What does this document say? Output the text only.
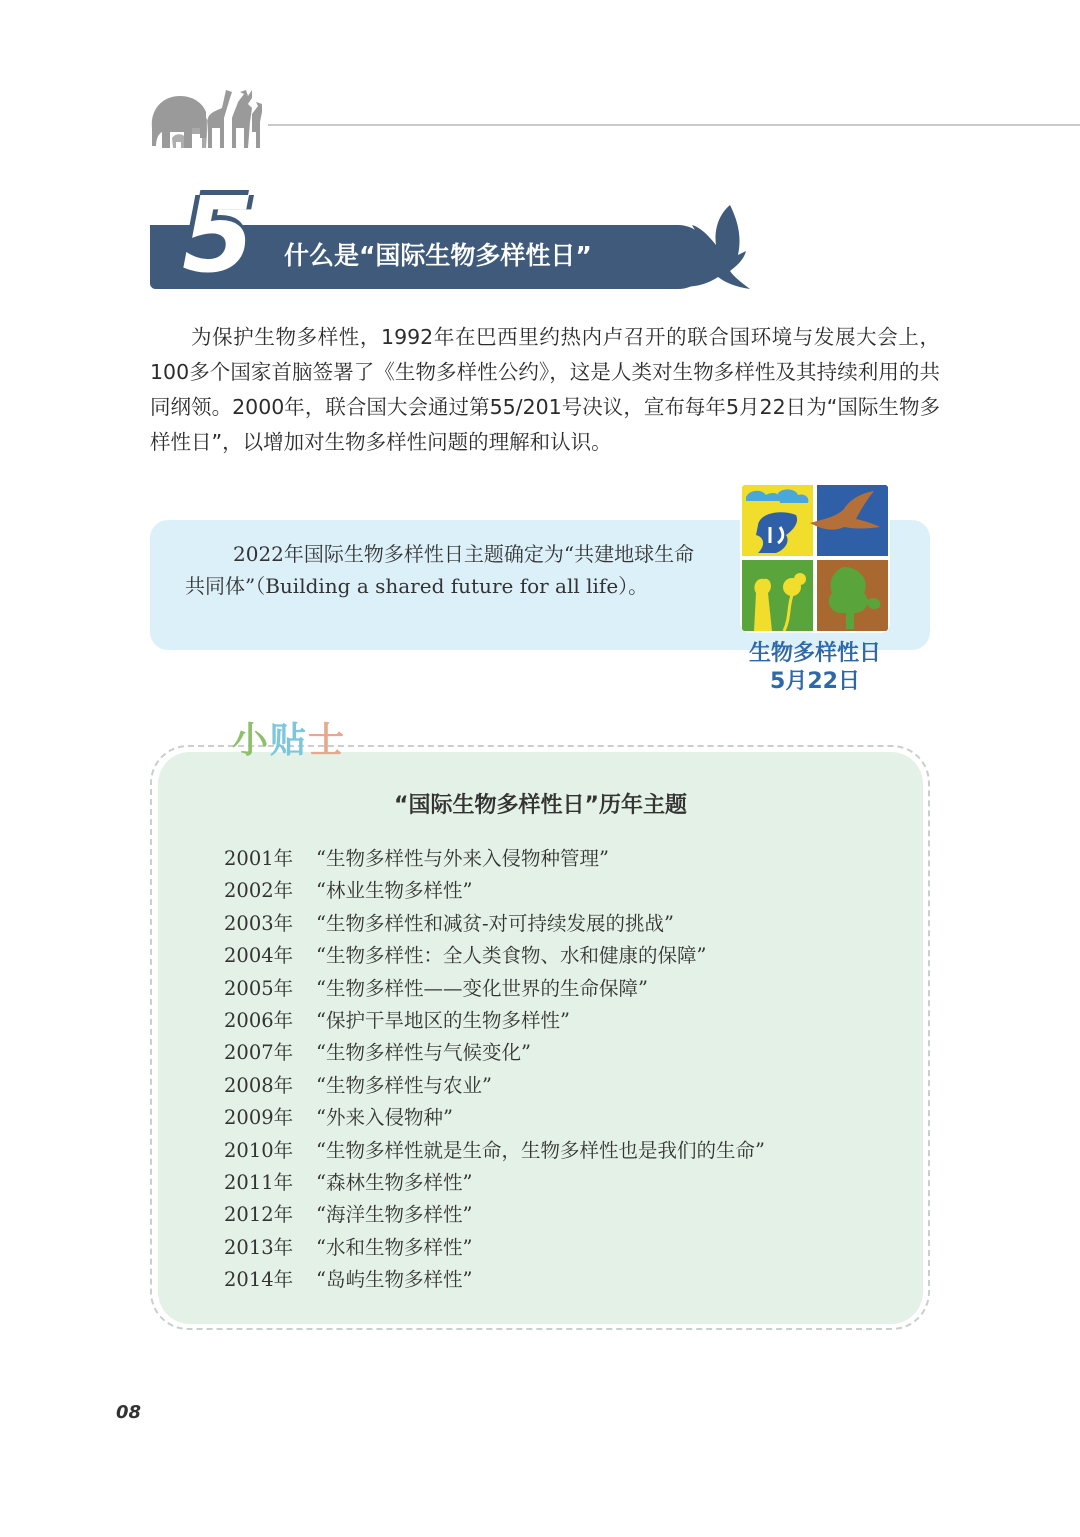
5	什么是“国际生物多样性日”

为保护生物多样性，1992年在巴西里约热内卢召开的联合国环境与发展大会上，100多个国家首脑签署了《生物多样性公约》，这是人类对生物多样性及其持续利用的共同纲领。2000年，联合国大会通过第55/201号决议，宣布每年5月22日为“国际生物多样性日”，以增加对生物多样性问题的理解和认识。

2022年国际生物多样性日主题确定为“共建地球生命共同体”（Building a shared future for all life）。
生物多样性日
5月22日
小贴士
“国际生物多样性日”历年主题
2001年 “生物多样性与外来入侵物种管理”
2002年 “林业生物多样性”
2003年 “生物多样性和减贫-对可持续发展的挑战”
2004年 “生物多样性：全人类食物、水和健康的保障”
2005年 “生物多样性——变化世界的生命保障”
2006年 “保护干旱地区的生物多样性”
2007年 “生物多样性与气候变化”
2008年 “生物多样性与农业”
2009年 “外来入侵物种”
2010年 “生物多样性就是生命，生物多样性也是我们的生命”
2011年 “森林生物多样性”
2012年 “海洋生物多样性”
2013年 “水和生物多样性”
2014年 “岛屿生物多样性”
08
